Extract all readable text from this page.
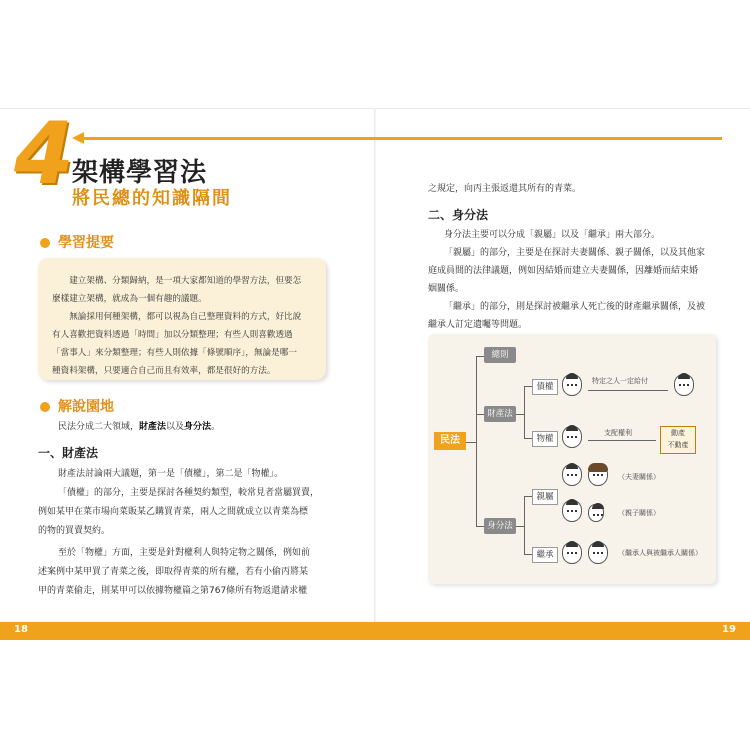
4
架構學習法
將民總的知識隔間
學習提要

建立架構、分類歸納，是一項大家都知道的學習方法，但要怎

麼樣建立架構，就成為一個有趣的議題。

無論採用何種架構，都可以視為自己整理資料的方式，好比說

有人喜歡把資料透過「時間」加以分類整理；有些人則喜歡透過

「當事人」來分類整理；有些人則依據「條號順序」，無論是哪一

種資料架構，只要適合自己而且有效率，都是很好的方法。

解說園地
民法分成二大領域，財產法以及身分法。
一、財產法
財產法討論兩大議題，第一是「債權」，第二是「物權」。
「債權」的部分，主要是探討各種契約類型，較常見者當屬買賣，
例如某甲在菜市場向菜販某乙購買青菜，兩人之間就成立以青菜為標
的物的買賣契約。
至於「物權」方面，主要是針對權利人與特定物之關係，例如前
述案例中某甲買了青菜之後，即取得青菜的所有權，若有小偷丙將某
甲的青菜偷走，則某甲可以依據物權篇之第767條所有物返還請求權
之規定，向丙主張返還其所有的青菜。
二、身分法
身分法主要可以分成「親屬」以及「繼承」兩大部分。
「親屬」的部分，主要是在探討夫妻關係、親子關係，以及其他家
庭成員間的法律議題，例如因結婚而建立夫妻關係，因離婚而結束婚
姻關係。
「繼承」的部分，則是探討被繼承人死亡後的財產繼承關係，及被
繼承人訂定遺囑等問題。
民法
總則
財產法
身分法
債權
物權
親屬
繼承
特定之人一定給付
支配權利	動產
不動產
（夫妻關係）
（親子關係）
（繼承人與被繼承人關係）
18	19
